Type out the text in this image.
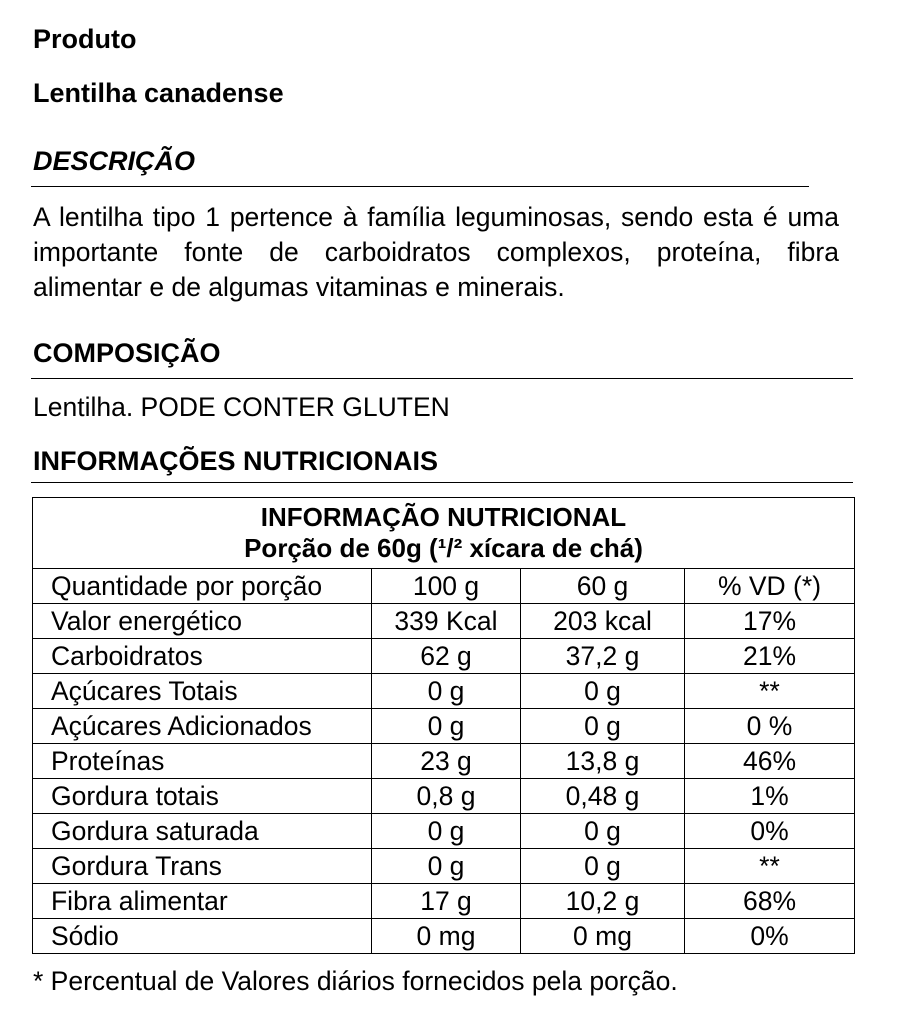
Produto
Lentilha canadense
DESCRIÇÃO

A lentilha tipo 1 pertence à família leguminosas, sendo esta é uma importante fonte de carboidratos complexos, proteína, fibra alimentar e de algumas vitaminas e minerais.

COMPOSIÇÃO

Lentilha. PODE CONTER GLUTEN

INFORMAÇÕES NUTRICIONAIS
INFORMAÇÃO NUTRICIONAL
Porção de 60g (¹/² xícara de chá)			

Quantidade por porção	100 g	60 g	% VD (*)
Valor energético	339 Kcal	203 kcal	17%
Carboidratos	62 g	37,2 g	21%
Açúcares Totais	0 g	0 g	**
Açúcares Adicionados	0 g	0 g	0 %
Proteínas	23 g	13,8 g	46%
Gordura totais	0,8 g	0,48 g	1%
Gordura saturada	0 g	0 g	0%
Gordura Trans	0 g	0 g	**
Fibra alimentar	17 g	10,2 g	68%
Sódio	0 mg	0 mg	0%

* Percentual de Valores diários fornecidos pela porção.
